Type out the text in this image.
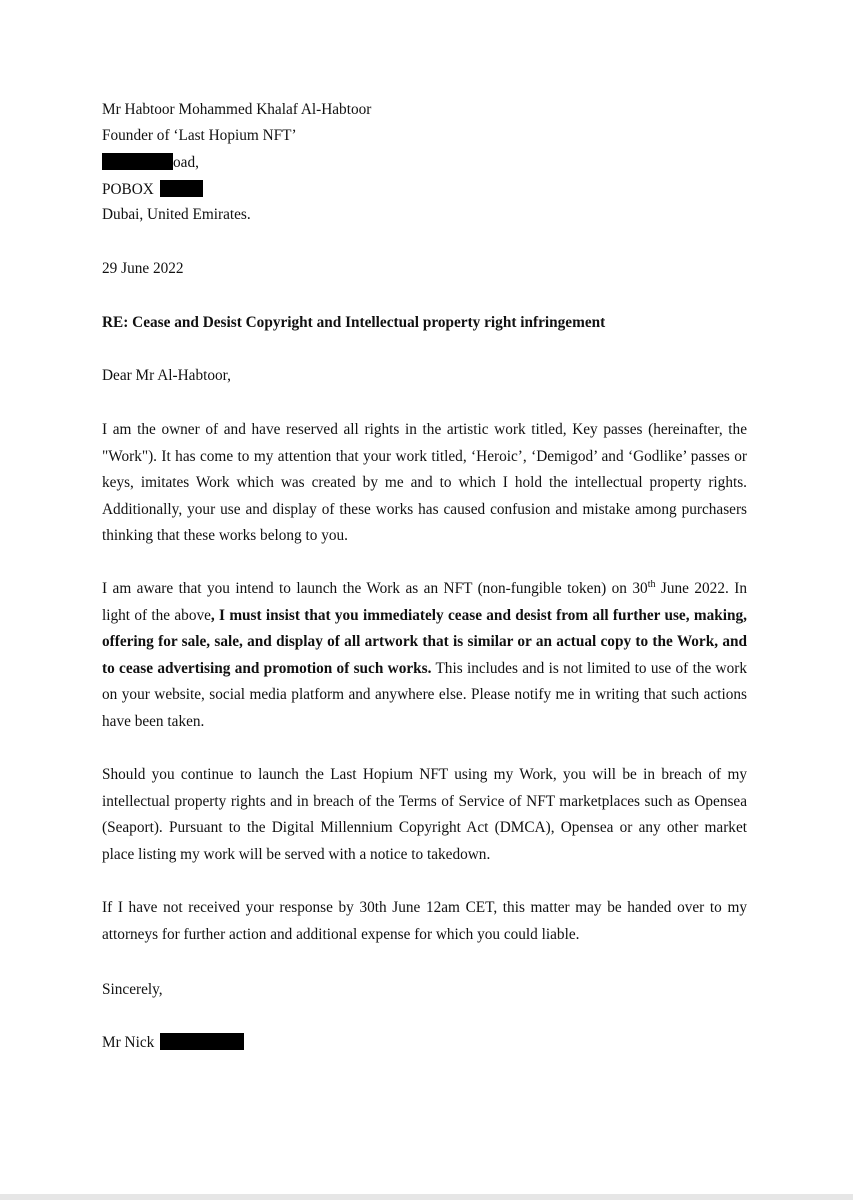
Mr Habtoor Mohammed Khalaf Al-Habtoor
Founder of ‘Last Hopium NFT’
oad,
POBOX
Dubai, United Emirates.
29 June 2022
RE: Cease and Desist Copyright and Intellectual property right infringement
Dear Mr Al-Habtoor,

I am the owner of and have reserved all rights in the artistic work titled, Key passes (hereinafter, the "Work"). It has come to my attention that your work titled, ‘Heroic’, ‘Demigod’ and ‘Godlike’ passes or keys, imitates Work which was created by me and to which I hold the intellectual property rights. Additionally, your use and display of these works has caused confusion and mistake among purchasers thinking that these works belong to you.

I am aware that you intend to launch the Work as an NFT (non-fungible token) on 30th June 2022. In light of the above, I must insist that you immediately cease and desist from all further use, making, offering for sale, sale, and display of all artwork that is similar or an actual copy to the Work, and to cease advertising and promotion of such works. This includes and is not limited to use of the work on your website, social media platform and anywhere else. Please notify me in writing that such actions have been taken.

Should you continue to launch the Last Hopium NFT using my Work, you will be in breach of my intellectual property rights and in breach of the Terms of Service of NFT marketplaces such as Opensea (Seaport). Pursuant to the Digital Millennium Copyright Act (DMCA), Opensea or any other market place listing my work will be served with a notice to takedown.

If I have not received your response by 30th June 12am CET, this matter may be handed over to my attorneys for further action and additional expense for which you could liable.

Sincerely,
Mr Nick
